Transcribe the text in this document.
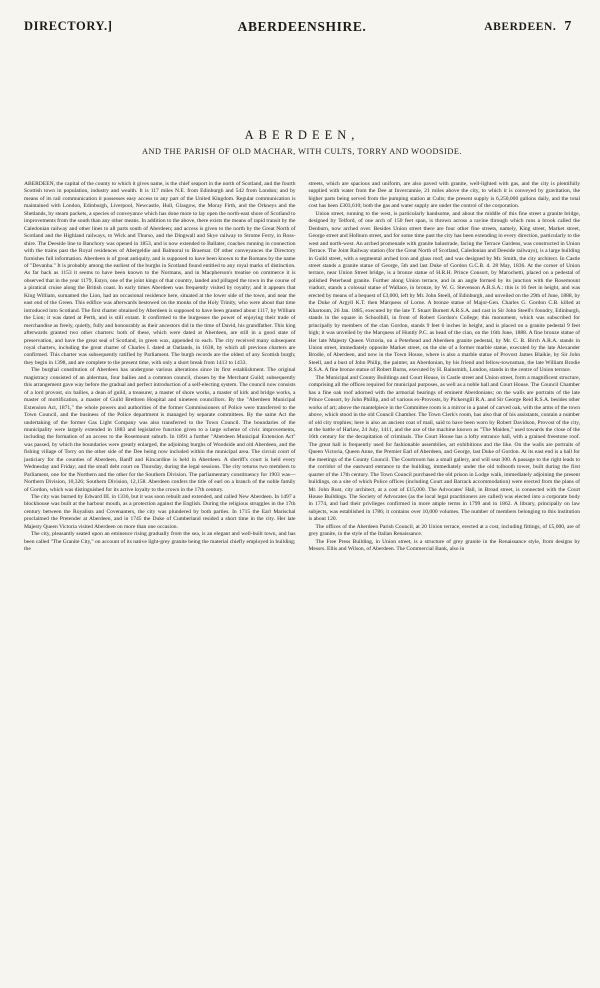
DIRECTORY.]	ABERDEENSHIRE.	ABERDEEN. 7
ABERDEEN,
AND THE PARISH OF OLD MACHAR, WITH CULTS, TORRY AND WOODSIDE.

ABERDEEN, the capital of the county to which it gives name, is the chief seaport in the north of Scotland, and the fourth Scottish town in population, industry and wealth. It is 117 miles N.E. from Edinburgh and 542 from London; and by means of its rail communication it possesses easy access to any part of the United Kingdom. Regular communication is maintained with London, Edinburgh, Liverpool, Newcastle, Hull, Glasgow, the Moray Firth, and the Orkneys and the Shetlands, by steam packets, a species of conveyance which has done more to lay open the north-east shore of Scotland to improvements from the south than any other means. In addition to the above, there exists the means of rapid transit by the Caledonian railway and other lines to all parts south of Aberdeen; and access is given to the north by the Great North of Scotland and the Highland railways, to Wick and Thurso, and the Dingwall and Skye railway to Strome Ferry, in Ross-shire. The Deeside line to Banchory was opened in 1853, and is now extended to Ballater, coaches running in connection with the trains past the Royal residences of Abergeldie and Balmoral to Braemar. Of other conveyances the Directory furnishes full information. Aberdeen is of great antiquity, and is supposed to have been known to the Romans by the name of "Devanha." It is probably among the earliest of the burghs in Scotland found entitled to any royal marks of distinction. As far back as 1153 it seems to have been known to the Normans, and in Macpherson's treatise on commerce it is observed that in the year 1179, Estyn, one of the joint kings of that country, landed and pillaged the town in the course of a piratical cruise along the British coast. In early times Aberdeen was frequently visited by royalty; and it appears that King William, surnamed the Lion, had an occasional residence here, situated at the lower side of the town, and near the east end of the Green. This edifice was afterwards bestowed on the monks of the Holy Trinity, who were about that time introduced into Scotland. The first charter obtained by Aberdeen is supposed to have been granted about 1117, by William the Lion; it was dated at Perth, and is still extant. It confirmed to the burgesses the power of enjoying their trade of merchandise as freely, quietly, fully and honourably as their ancestors did in the time of David, his grandfather. This king afterwards granted two other charters: both of these, which were dated at Aberdeen, are still in a good state of preservation, and have the great seal of Scotland, in green wax, appended to each. The city received many subsequent royal charters, including the great charter of Charles I. dated at Oatlands, in 1638, by which all previous charters are confirmed. This charter was subsequently ratified by Parliament. The burgh records are the oldest of any Scottish burgh; they begin in 1398, and are complete to the present time, with only a short break from 1413 to 1433.

The burghal constitution of Aberdeen has undergone various alterations since its first establishment. The original magistracy consisted of an alderman, four bailies and a common council, chosen by the Merchant Guild; subsequently this arrangement gave way before the gradual and perfect introduction of a self-electing system. The council now consists of a lord provost, six bailies, a dean of guild, a treasurer, a master of shore works, a master of kirk and bridge works, a master of mortification, a master of Guild Brethren Hospital and nineteen councillors. By the "Aberdeen Municipal Extension Act, 1871," the whole powers and authorities of the former Commissioners of Police were transferred to the Town Council, and the business of the Police department is managed by separate committees. By the same Act the undertaking of the former Gas Light Company was also transferred to the Town Council. The boundaries of the municipality were largely extended in 1883 and legislative function given to a large scheme of civic improvements, including the formation of an access to the Rosemount suburb. In 1891 a further "Aberdeen Municipal Extension Act" was passed, by which the boundaries were greatly enlarged, the adjoining burghs of Woodside and old Aberdeen, and the fishing village of Torry on the other side of the Dee being now included within the municipal area. The circuit court of justiciary for the counties of Aberdeen, Banff and Kincardine is held in Aberdeen. A sheriff's court is held every Wednesday and Friday; and the small debt court on Thursday, during the legal sessions. The city returns two members to Parliament, one for the Northern and the other for the Southern Division. The parliamentary constituency for 1903 was—Northern Division, 10,326; Southern Division, 12,158. Aberdeen confers the title of earl on a branch of the noble family of Gordon, which was distinguished for its active loyalty to the crown in the 17th century.

The city was burned by Edward III. in 1336, but it was soon rebuilt and extended, and called New Aberdeen. In 1497 a blockhouse was built at the harbour mouth, as a protection against the English. During the religious struggles in the 17th century between the Royalists and Covenanters, the city was plundered by both parties. In 1715 the Earl Marischal proclaimed the Pretender at Aberdeen, and in 1745 the Duke of Cumberland resided a short time in the city. Her late Majesty Queen Victoria visited Aberdeen on more than one occasion.

The city, pleasantly seated upon an eminence rising gradually from the sea, is an elegant and well-built town, and has been called "The Granite City," on account of its native light-grey granite being the material chiefly employed in building; the

streets, which are spacious and uniform, are also paved with granite, well-lighted with gas, and the city is plentifully supplied with water from the Dee at Invercannie, 21 miles above the city, to which it is conveyed by gravitation, the higher parts being served from the pumping station at Cults; the present supply is 6,250,000 gallons daily, and the total cost has been £303,610; both the gas and water supply are under the control of the corporation.

Union street, running to the west, is particularly handsome, and about the middle of this fine street a granite bridge, designed by Telford, of one arch of 150 feet span, is thrown across a ravine through which runs a brook called the Denburn, now arched over. Besides Union street there are four other fine streets, namely, King street, Market street, George street and Holburn street, and for some time past the city has been extending in every direction, particularly to the west and north-west. An arched promenade with granite balustrade, facing the Terrace Gardens, was constructed in Union Terrace. The Joint Railway station (for the Great North of Scotland, Caledonian and Deeside railways), is a large building in Guild street, with a segmental arched iron and glass roof; and was designed by Mr. Smith, the city architect. In Castle street stands a granite statue of George, 5th and last Duke of Gordon G.C.B. d. 28 May, 1836. At the corner of Union terrace, near Union Street bridge, is a bronze statue of H.R.H. Prince Consort, by Marochetti, placed on a pedestal of polished Peterhead granite. Further along Union terrace, and in an angle formed by its junction with the Rosemount viaduct, stands a colossal statue of Wallace, in bronze, by W. G. Stevenson A.R.S.A.: this is 16 feet in height, and was erected by means of a bequest of £3,000, left by Mr. John Steell, of Edinburgh, and unveiled on the 29th of June, 1888, by the Duke of Argyll K.T. then Marquess of Lorne. A bronze statue of Major-Gen. Charles G. Gordon C.B. killed at Khartoum, 26 Jan. 1885, executed by the late T. Stuart Burnett A.R.S.A. and cast in Sir John Steell's foundry, Edinburgh, stands in the square in Schoolhill, in front of Robert Gordon's College; this monument, which was subscribed for principally by members of the clan Gordon, stands 9 feet 6 inches in height, and is placed on a granite pedestal 9 feet high; it was unveiled by the Marquess of Huntly P.C. as head of the clan, on the 16th June, 1888. A fine bronze statue of Her late Majesty Queen Victoria, on a Peterhead and Aberdeen granite pedestal, by Mr. C. B. Birch A.R.A. stands in Union street, immediately opposite Market street, on the site of a former marble statue, executed by the late Alexander Brodie, of Aberdeen, and now in the Town House, where is also a marble statue of Provost James Blaikie, by Sir John Steell, and a bust of John Philip, the painter, an Aberdonian, by his friend and fellow-townsman, the late William Brodie R.S.A. A fine bronze statue of Robert Burns, executed by H. Bainsmith, London, stands in the centre of Union terrace.

The Municipal and County Buildings and Court House, in Castle street and Union street, form a magnificent structure, comprising all the offices required for municipal purposes, as well as a noble hall and Court House. The Council Chamber has a fine oak roof adorned with the armorial bearings of eminent Aberdonians; on the walls are portraits of the late Prince Consort, by John Phillip, and of various ex-Provosts, by Pickersgill R.A. and Sir George Reid R.S.A. besides other works of art; above the mantelpiece in the Committee room is a mirror in a panel of carved oak, with the arms of the town above, which stood in the old Council Chamber. The Town Clerk's room, has also that of his assistants, contain a number of old city trophies; here is also an ancient coat of mail, said to have been worn by Robert Davidson, Provost of the city, at the battle of Harlaw, 24 July, 1411, and the axe of the machine known as "The Maiden," used towards the close of the 16th century for the decapitation of criminals. The Court House has a lofty entrance hall, with a grained freestone roof. The great hall is frequently used for fashionable assemblies, art exhibitions and the like. On the walls are portraits of Queen Victoria, Queen Anne, the Premier Earl of Aberdeen, and George, last Duke of Gordon. At its east end is a hall for the meetings of the County Council. The Courtroom has a small gallery, and will seat 300. A passage to the right leads to the corridor of the eastward entrance to the building, immediately under the old tolbooth tower, built during the first quarter of the 17th century. The Town Council purchased the old prison in Lodge walk, immediately adjoining the present buildings, on a site of which Police offices (including Court and Barrack accommodation) were erected from the plans of Mr. John Rust, city architect, at a cost of £15,000. The Advocates' Hall, in Broad street, is connected with the Court House Buildings. The Society of Advocates (as the local legal practitioners are called) was elected into a corporate body in 1774, and had their privileges confirmed in more ample terms in 1799 and in 1862. A library, principally on law subjects, was established in 1786; it contains over 10,000 volumes. The number of members belonging to this institution is about 120.

The offices of the Aberdeen Parish Council, at 20 Union terrace, erected at a cost, including fittings, of £5,000, are of grey granite, in the style of the Italian Renaissance.

The Free Press Building, in Union street, is a structure of grey granite in the Renaissance style, from designs by Messrs. Ellis and Wilson, of Aberdeen. The Commercial Bank, also in
